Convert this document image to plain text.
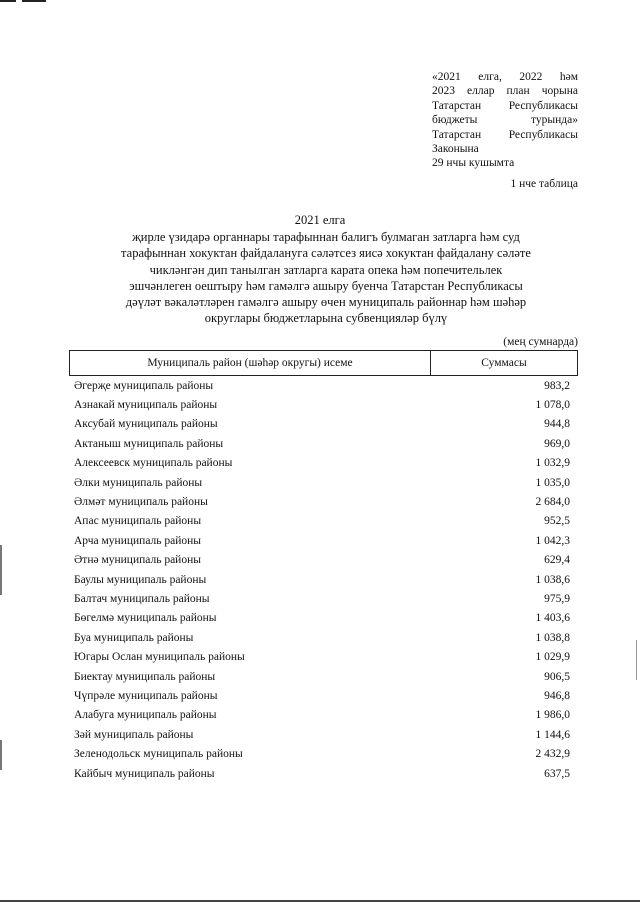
«2021 елга, 2022 һәм
2023 еллар план чорына
Татарстан Республикасы
бюджеты турында»
Татарстан Республикасы
Законына
29 нчы кушымта
1 нче таблица
2021 елга
җирле үзидарә органнары тарафыннан балигъ булмаган затларга һәм суд
тарафыннан хокуктан файдалануга сәләтсез яисә хокуктан файдалану сәләте
чикләнгән дип танылган затларга карата опека һәм попечительлек
эшчәнлеген оештыру һәм гамәлгә ашыру буенча Татарстан Республикасы
дәүләт вәкаләтләрен гамәлгә ашыру өчен муниципаль районнар һәм шәһәр
округлары бюджетларына субвенцияләр бүлү
(мең сумнарда)
Муниципаль район (шәһәр округы) исеме	Суммасы
Әгерҗе муниципаль районы	983,2
Азнакай муниципаль районы	1 078,0
Аксубай муниципаль районы	944,8
Актаныш муниципаль районы	969,0
Алексеевск муниципаль районы	1 032,9
Әлки муниципаль районы	1 035,0
Әлмәт муниципаль районы	2 684,0
Апас муниципаль районы	952,5
Арча муниципаль районы	1 042,3
Әтнә муниципаль районы	629,4
Баулы муниципаль районы	1 038,6
Балтач муниципаль районы	975,9
Бөгелмә муниципаль районы	1 403,6
Буа муниципаль районы	1 038,8
Югары Ослан муниципаль районы	1 029,9
Биектау муниципаль районы	906,5
Чүпрәле муниципаль районы	946,8
Алабуга муниципаль районы	1 986,0
Зәй муниципаль районы	1 144,6
Зеленодольск муниципаль районы	2 432,9
Кайбыч муниципаль районы	637,5
